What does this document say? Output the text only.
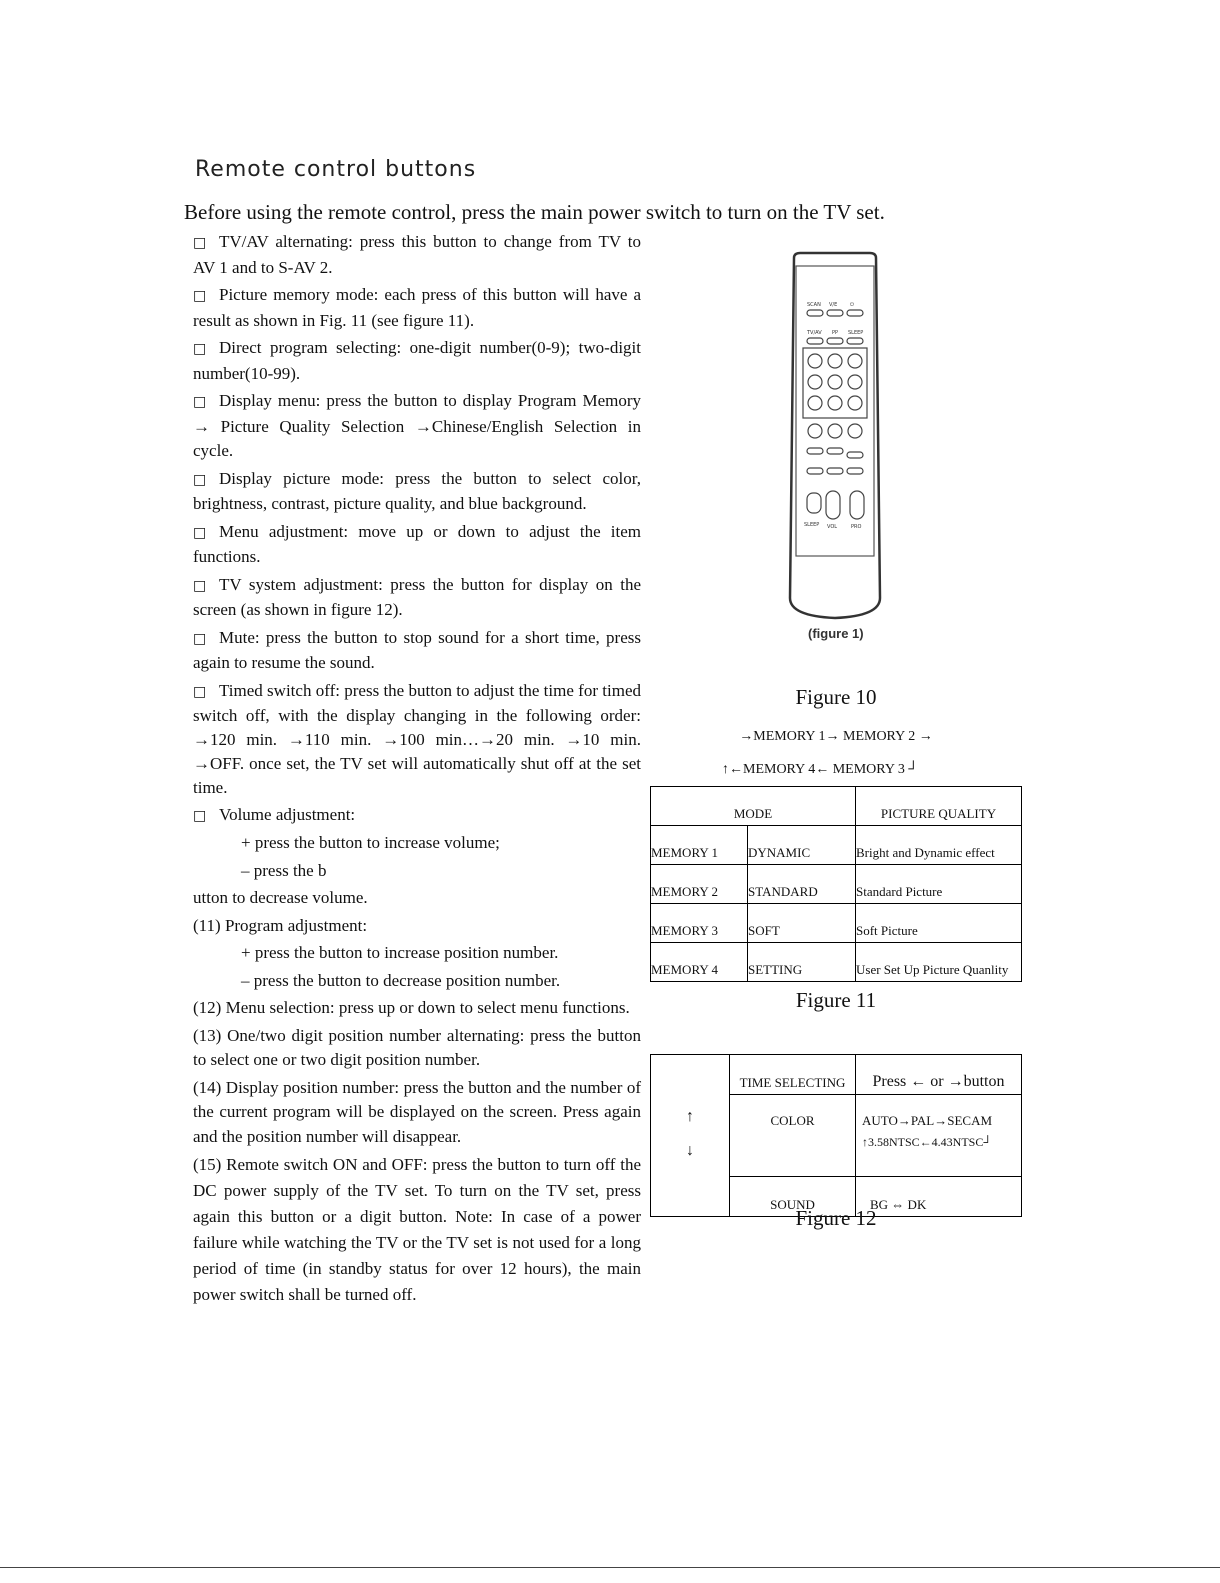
Remote control buttons
Before using the remote control, press the main power switch to turn on the TV set.

□ TV/AV alternating: press this button to change from TV to AV 1 and to S-AV 2.

□ Picture memory mode: each press of this button will have a result as shown in Fig. 11 (see figure 11).

□ Direct program selecting: one-digit number(0-9); two-digit number(10-99).

□ Display menu: press the button to display Program Memory → Picture Quality Selection →Chinese/English Selection in cycle.

□ Display picture mode: press the button to select color, brightness, contrast, picture quality, and blue background.

□ Menu adjustment: move up or down to adjust the item functions.

□ TV system adjustment: press the button for display on the screen (as shown in figure 12).

□ Mute: press the button to stop sound for a short time, press again to resume the sound.

□ Timed switch off: press the button to adjust the time for timed switch off, with the display changing in the following order: →120 min. →110 min. →100 min…→20 min. →10 min. →OFF. once set, the TV set will automatically shut off at the set time.

□ Volume adjustment:

+ press the button to increase volume;

– press the b

utton to decrease volume.

(11) Program adjustment:

+ press the button to increase position number.

– press the button to decrease position number.

(12) Menu selection: press up or down to select menu functions.

(13) One/two digit position number alternating: press the button to select one or two digit position number.

(14) Display position number: press the button and the number of the current program will be displayed on the screen. Press again and the position number will disappear.

(15) Remote switch ON and OFF: press the button to turn off the DC power supply of the TV set. To turn on the TV set, press again this button or a digit button. Note: In case of a power failure while watching the TV or the TV set is not used for a long period of time (in standby status for over 12 hours), the main power switch shall be turned off.

SCAN V/E	⏻
TV/AV PP SLEEP
SLEEP VOL	PRO
(figure 1)
Figure 10
→MEMORY 1→ MEMORY 2 →
↑←MEMORY 4← MEMORY 3 ┘
MODE		PICTURE QUALITY
MEMORY 1	DYNAMIC	Bright and Dynamic effect
MEMORY 2	STANDARD	Standard Picture
MEMORY 3	SOFT	Soft Picture
MEMORY 4	SETTING	User Set Up Picture Quanlity
Figure 11
↑
↓	TIME SELECTING	Press ← or →button
	COLOR	AUTO→PAL→SECAM
↑3.58NTSC←4.43NTSC┘

	SOUND	BG ⇔ DK
Figure 12
